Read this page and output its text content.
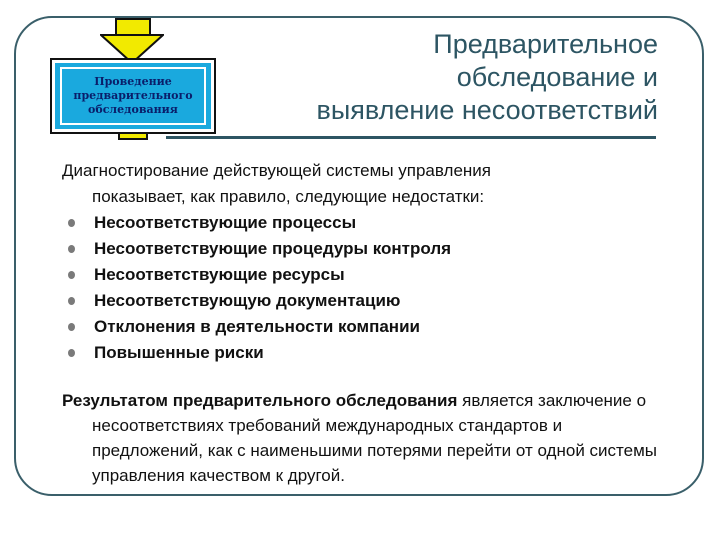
Проведение
предварительного
обследования
Предварительное
обследование и
выявление несоответствий

Диагностирование действующей системы управления
показывает, как правило, следующие недостатки:

Несоответствующие процессы
Несоответствующие процедуры контроля
Несоответствующие ресурсы
Несоответствующую документацию
Отклонения в деятельности компании
Повышенные риски

Результатом предварительного обследования является заключение о несоответствиях требований международных стандартов и предложений, как с наименьшими потерями перейти от одной системы управления качеством к другой.
